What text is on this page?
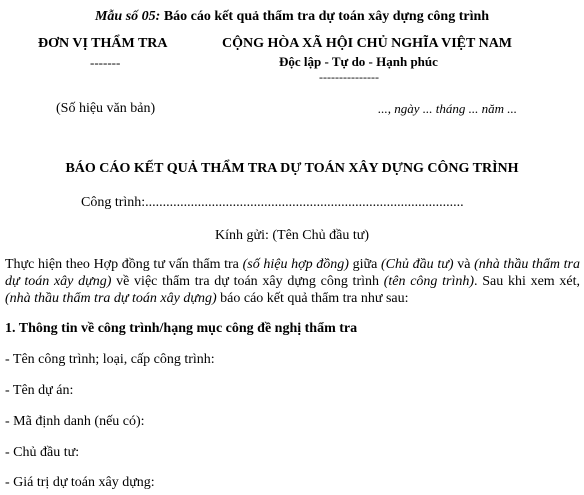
Mẫu số 05: Báo cáo kết quả thẩm tra dự toán xây dựng công trình
ĐƠN VỊ THẨM TRA
-------
CỘNG HÒA XÃ HỘI CHỦ NGHĨA VIỆT NAM
Độc lập - Tự do - Hạnh phúc
---------------
(Số hiệu văn bản)	..., ngày ... tháng ... năm ...
BÁO CÁO KẾT QUẢ THẨM TRA DỰ TOÁN XÂY DỰNG CÔNG TRÌNH
Công trình:...........................................................................................
Kính gửi: (Tên Chủ đầu tư)
Thực hiện theo Hợp đồng tư vấn thẩm tra (số hiệu hợp đồng) giữa (Chủ đầu tư) và (nhà thầu thẩm tra dự toán xây dựng) về việc thẩm tra dự toán xây dựng công trình (tên công trình). Sau khi xem xét, (nhà thầu thẩm tra dự toán xây dựng) báo cáo kết quả thẩm tra như sau:
1. Thông tin về công trình/hạng mục công đề nghị thẩm tra
- Tên công trình; loại, cấp công trình:
- Tên dự án:
- Mã định danh (nếu có):
- Chủ đầu tư:
- Giá trị dự toán xây dựng:
